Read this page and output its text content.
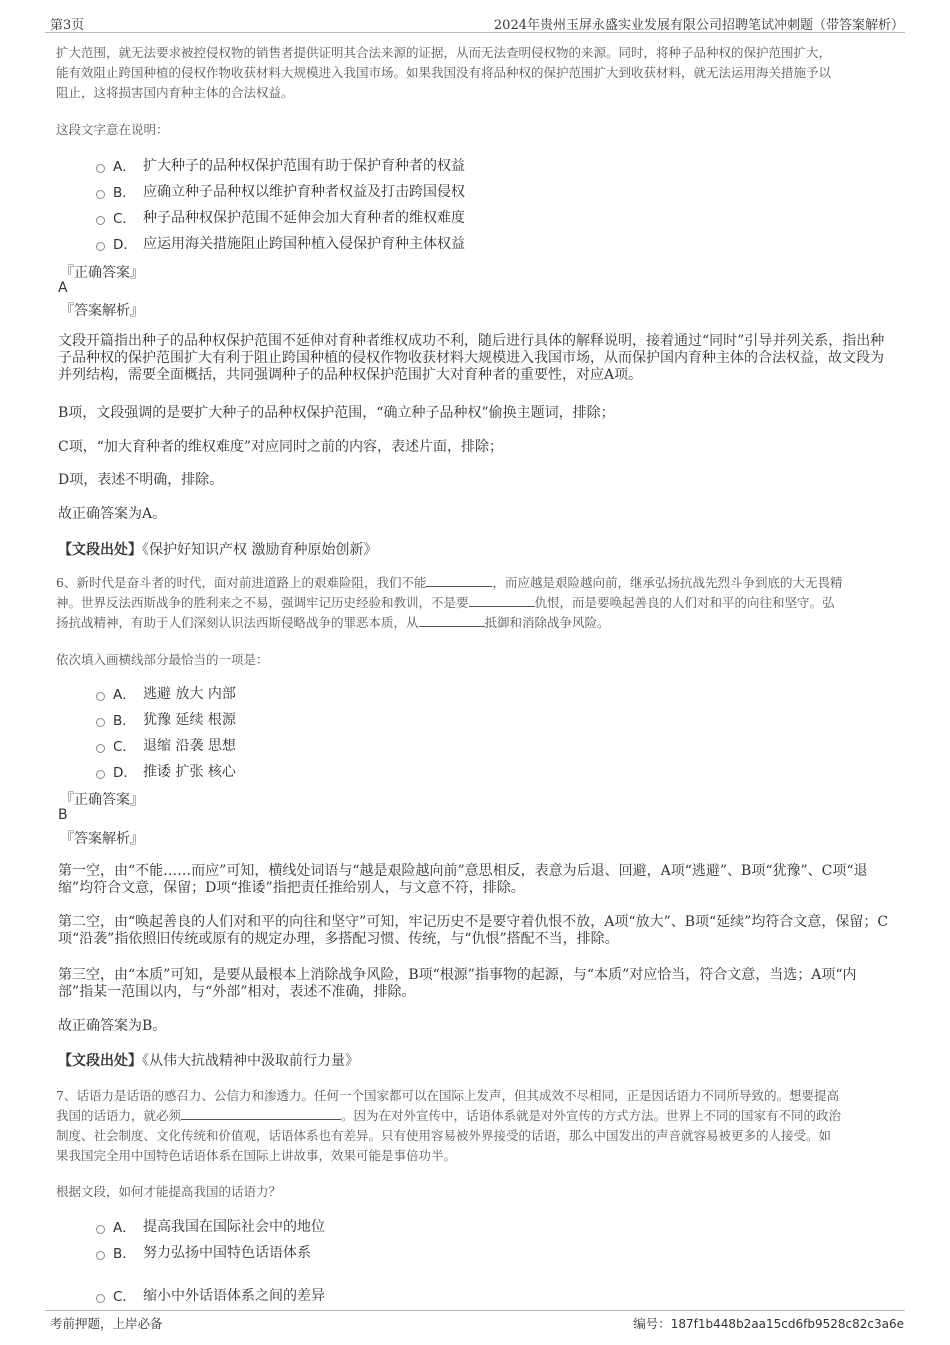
第3页	2024年贵州玉屏永盛实业发展有限公司招聘笔试冲刺题（带答案解析）
扩大范围，就无法要求被控侵权物的销售者提供证明其合法来源的证据，从而无法查明侵权物的来源。同时，将种子品种权的保护范围扩大，
能有效阻止跨国种植的侵权作物收获材料大规模进入我国市场。如果我国没有将品种权的保护范围扩大到收获材料，就无法运用海关措施予以
阻止，这将损害国内育种主体的合法权益。
这段文字意在说明：
A． 扩大种子的品种权保护范围有助于保护育种者的权益
B． 应确立种子品种权以维护育种者权益及打击跨国侵权
C． 种子品种权保护范围不延伸会加大育种者的维权难度
D． 应运用海关措施阻止跨国种植入侵保护育种主体权益
『正确答案』
A
『答案解析』
文段开篇指出种子的品种权保护范围不延伸对育种者维权成功不利，随后进行具体的解释说明，接着通过“同时”引导并列关系，指出种子品种权的保护范围扩大有利于阻止跨国种植的侵权作物收获材料大规模进入我国市场，从而保护国内育种主体的合法权益，故文段为并列结构，需要全面概括，共同强调种子的品种权保护范围扩大对育种者的重要性，对应A项。
B项，文段强调的是要扩大种子的品种权保护范围，“确立种子品种权”偷换主题词，排除；
C项，“加大育种者的维权难度”对应同时之前的内容，表述片面，排除；
D项，表述不明确，排除。
故正确答案为A。
【文段出处】《保护好知识产权 激励育种原始创新》
6、新时代是奋斗者的时代，面对前进道路上的艰难险阻，我们不能	，而应越是艰险越向前，继承弘扬抗战先烈斗争到底的大无畏精
神。世界反法西斯战争的胜利来之不易，强调牢记历史经验和教训，不是要	仇恨，而是要唤起善良的人们对和平的向往和坚守。弘
扬抗战精神，有助于人们深刻认识法西斯侵略战争的罪恶本质，从	抵御和消除战争风险。
依次填入画横线部分最恰当的一项是：
A． 逃避 放大 内部
B． 犹豫 延续 根源
C． 退缩 沿袭 思想
D． 推诿 扩张 核心
『正确答案』
B
『答案解析』
第一空，由“不能……而应”可知，横线处词语与“越是艰险越向前”意思相反，表意为后退、回避，A项“逃避”、B项“犹豫”、C项“退缩”均符合文意，保留；D项“推诿”指把责任推给别人，与文意不符，排除。
第二空，由“唤起善良的人们对和平的向往和坚守”可知，牢记历史不是要守着仇恨不放，A项“放大”、B项“延续”均符合文意，保留；C项“沿袭”指依照旧传统或原有的规定办理，多搭配习惯、传统，与“仇恨”搭配不当，排除。
第三空，由“本质”可知，是要从最根本上消除战争风险，B项“根源”指事物的起源，与“本质”对应恰当，符合文意，当选；A项“内部”指某一范围以内，与“外部”相对，表述不准确，排除。
故正确答案为B。
【文段出处】《从伟大抗战精神中汲取前行力量》
7、话语力是话语的感召力、公信力和渗透力。任何一个国家都可以在国际上发声，但其成效不尽相同，正是因话语力不同所导致的。想要提高
我国的话语力，就必须	。因为在对外宣传中，话语体系就是对外宣传的方式方法。世界上不同的国家有不同的政治
制度、社会制度、文化传统和价值观，话语体系也有差异。只有使用容易被外界接受的话语，那么中国发出的声音就容易被更多的人接受。如
果我国完全用中国特色话语体系在国际上讲故事，效果可能是事倍功半。
根据文段，如何才能提高我国的话语力？
A． 提高我国在国际社会中的地位
B． 努力弘扬中国特色话语体系
C． 缩小中外话语体系之间的差异
考前押题，上岸必备	编号：187f1b448b2aa15cd6fb9528c82c3a6e
